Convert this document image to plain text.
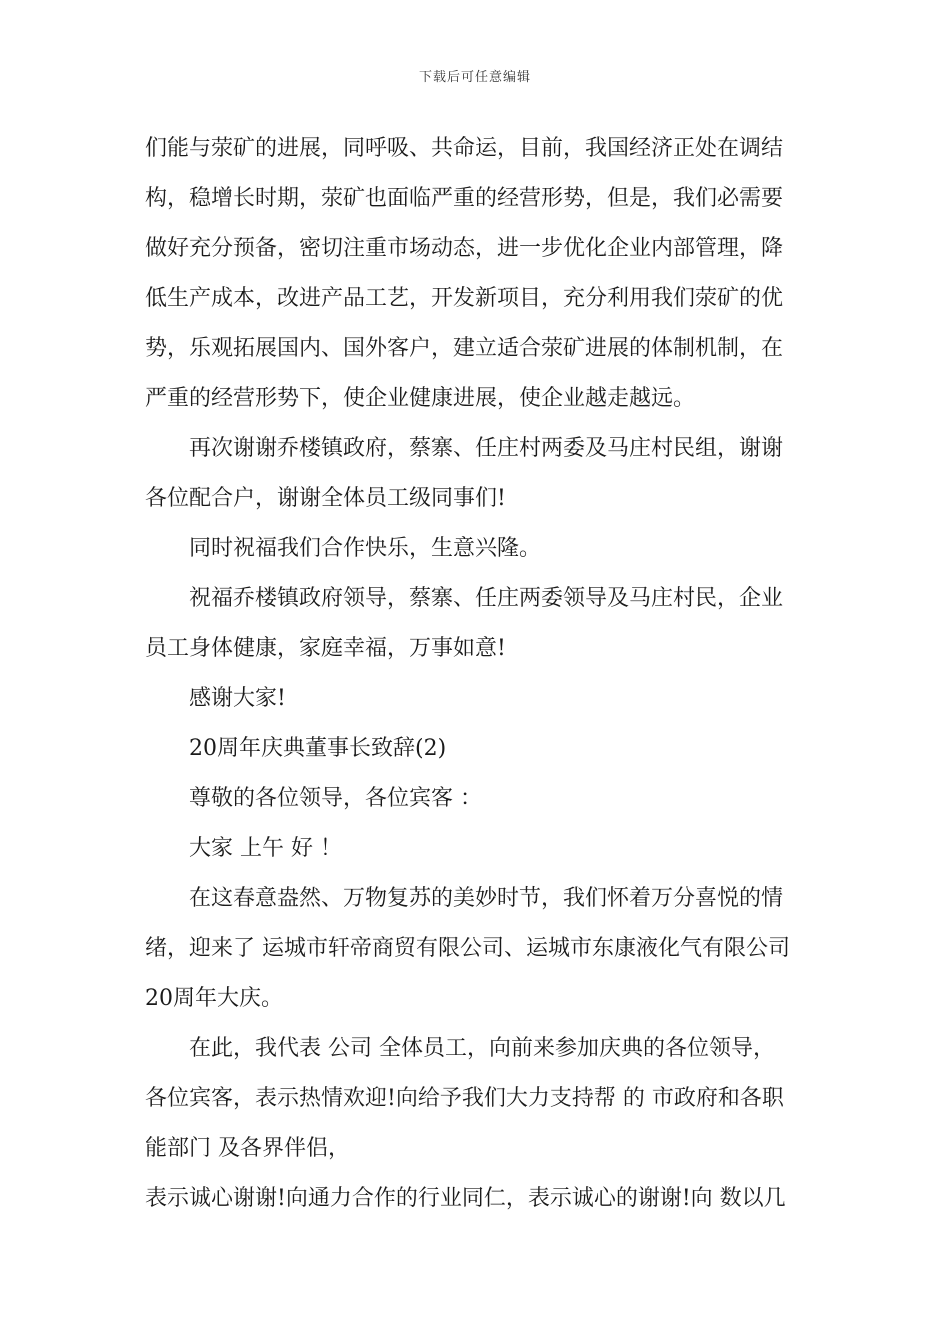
下载后可任意编辑
们能与荥矿的进展，同呼吸、共命运，目前，我国经济正处在调结
构，稳增长时期，荥矿也面临严重的经营形势，但是，我们必需要
做好充分预备，密切注重市场动态，进一步优化企业内部管理，降
低生产成本，改进产品工艺，开发新项目，充分利用我们荥矿的优
势，乐观拓展国内、国外客户，建立适合荥矿进展的体制机制，在
严重的经营形势下，使企业健康进展，使企业越走越远。
再次谢谢乔楼镇政府，蔡寨、任庄村两委及马庄村民组，谢谢
各位配合户，谢谢全体员工级同事们!
同时祝福我们合作快乐，生意兴隆。
祝福乔楼镇政府领导，蔡寨、任庄两委领导及马庄村民，企业
员工身体健康，家庭幸福，万事如意!
感谢大家!
20周年庆典董事长致辞(2)
尊敬的各位领导，各位宾客 ：
大家 上午 好 ！
在这春意盎然、万物复苏的美妙时节，我们怀着万分喜悦的情
绪，迎来了 运城市轩帝商贸有限公司、运城市东康液化气有限公司
20周年大庆。
在此，我代表 公司 全体员工，向前来参加庆典的各位领导，
各位宾客，表示热情欢迎!向给予我们大力支持帮 的 市政府和各职
能部门 及各界伴侣，
表示诚心谢谢!向通力合作的行业同仁，表示诚心的谢谢!向 数以几
